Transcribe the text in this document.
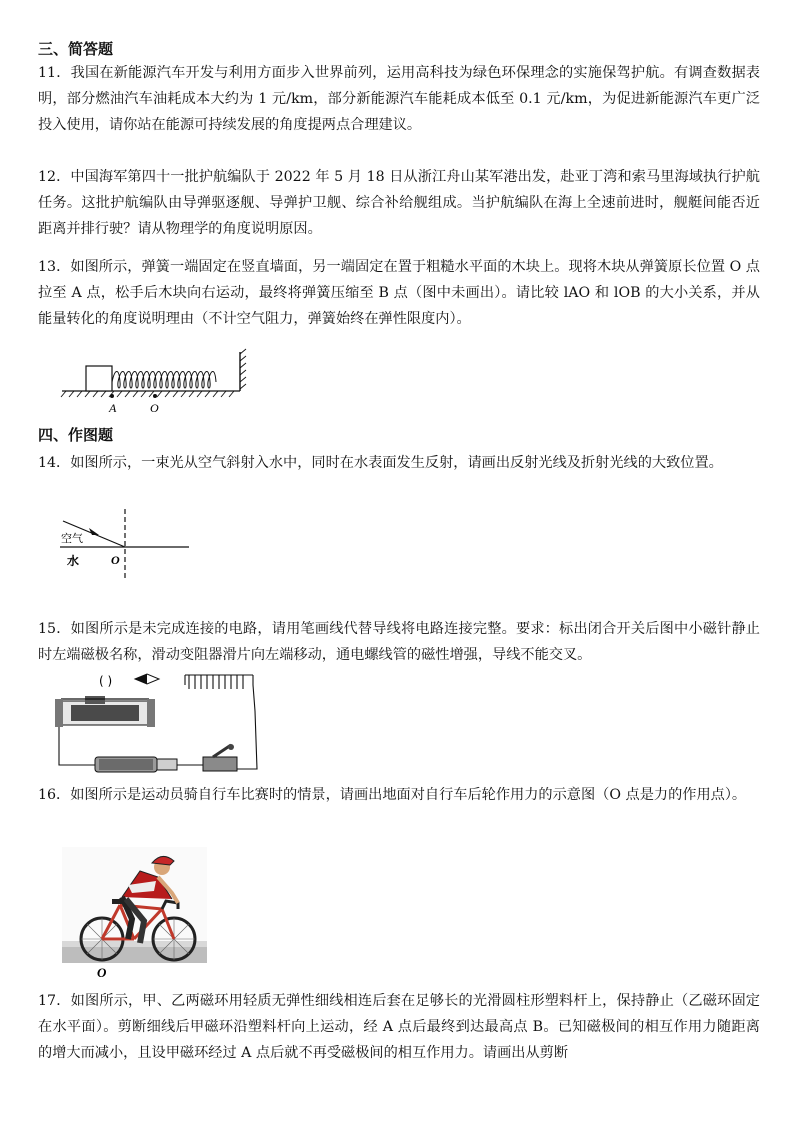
三、简答题
11．我国在新能源汽车开发与利用方面步入世界前列，运用高科技为绿色环保理念的实施保驾护航。有调查数据表明，部分燃油汽车油耗成本大约为 1 元/km，部分新能源汽车能耗成本低至 0.1 元/km，为促进新能源汽车更广泛投入使用，请你站在能源可持续发展的角度提两点合理建议。
12．中国海军第四十一批护航编队于 2022 年 5 月 18 日从浙江舟山某军港出发，赴亚丁湾和索马里海域执行护航任务。这批护航编队由导弹驱逐舰、导弹护卫舰、综合补给舰组成。当护航编队在海上全速前进时，舰艇间能否近距离并排行驶？请从物理学的角度说明原因。
13．如图所示，弹簧一端固定在竖直墙面，另一端固定在置于粗糙水平面的木块上。现将木块从弹簧原长位置 O 点拉至 A 点，松手后木块向右运动，最终将弹簧压缩至 B 点（图中未画出）。请比较 lAO 和 lOB 的大小关系，并从能量转化的角度说明理由（不计空气阻力，弹簧始终在弹性限度内）。
A	O
四、作图题
14．如图所示，一束光从空气斜射入水中，同时在水表面发生反射，请画出反射光线及折射光线的大致位置。
空气
水	O
15．如图所示是未完成连接的电路，请用笔画线代替导线将电路连接完整。要求：标出闭合开关后图中小磁针静止时左端磁极名称，滑动变阻器滑片向左端移动，通电螺线管的磁性增强，导线不能交叉。
( )
16．如图所示是运动员骑自行车比赛时的情景，请画出地面对自行车后轮作用力的示意图（O 点是力的作用点）。
O
17．如图所示，甲、乙两磁环用轻质无弹性细线相连后套在足够长的光滑圆柱形塑料杆上，保持静止（乙磁环固定在水平面）。剪断细线后甲磁环沿塑料杆向上运动，经 A 点后最终到达最高点 B。已知磁极间的相互作用力随距离的增大而减小，且设甲磁环经过 A 点后就不再受磁极间的相互作用力。请画出从剪断
